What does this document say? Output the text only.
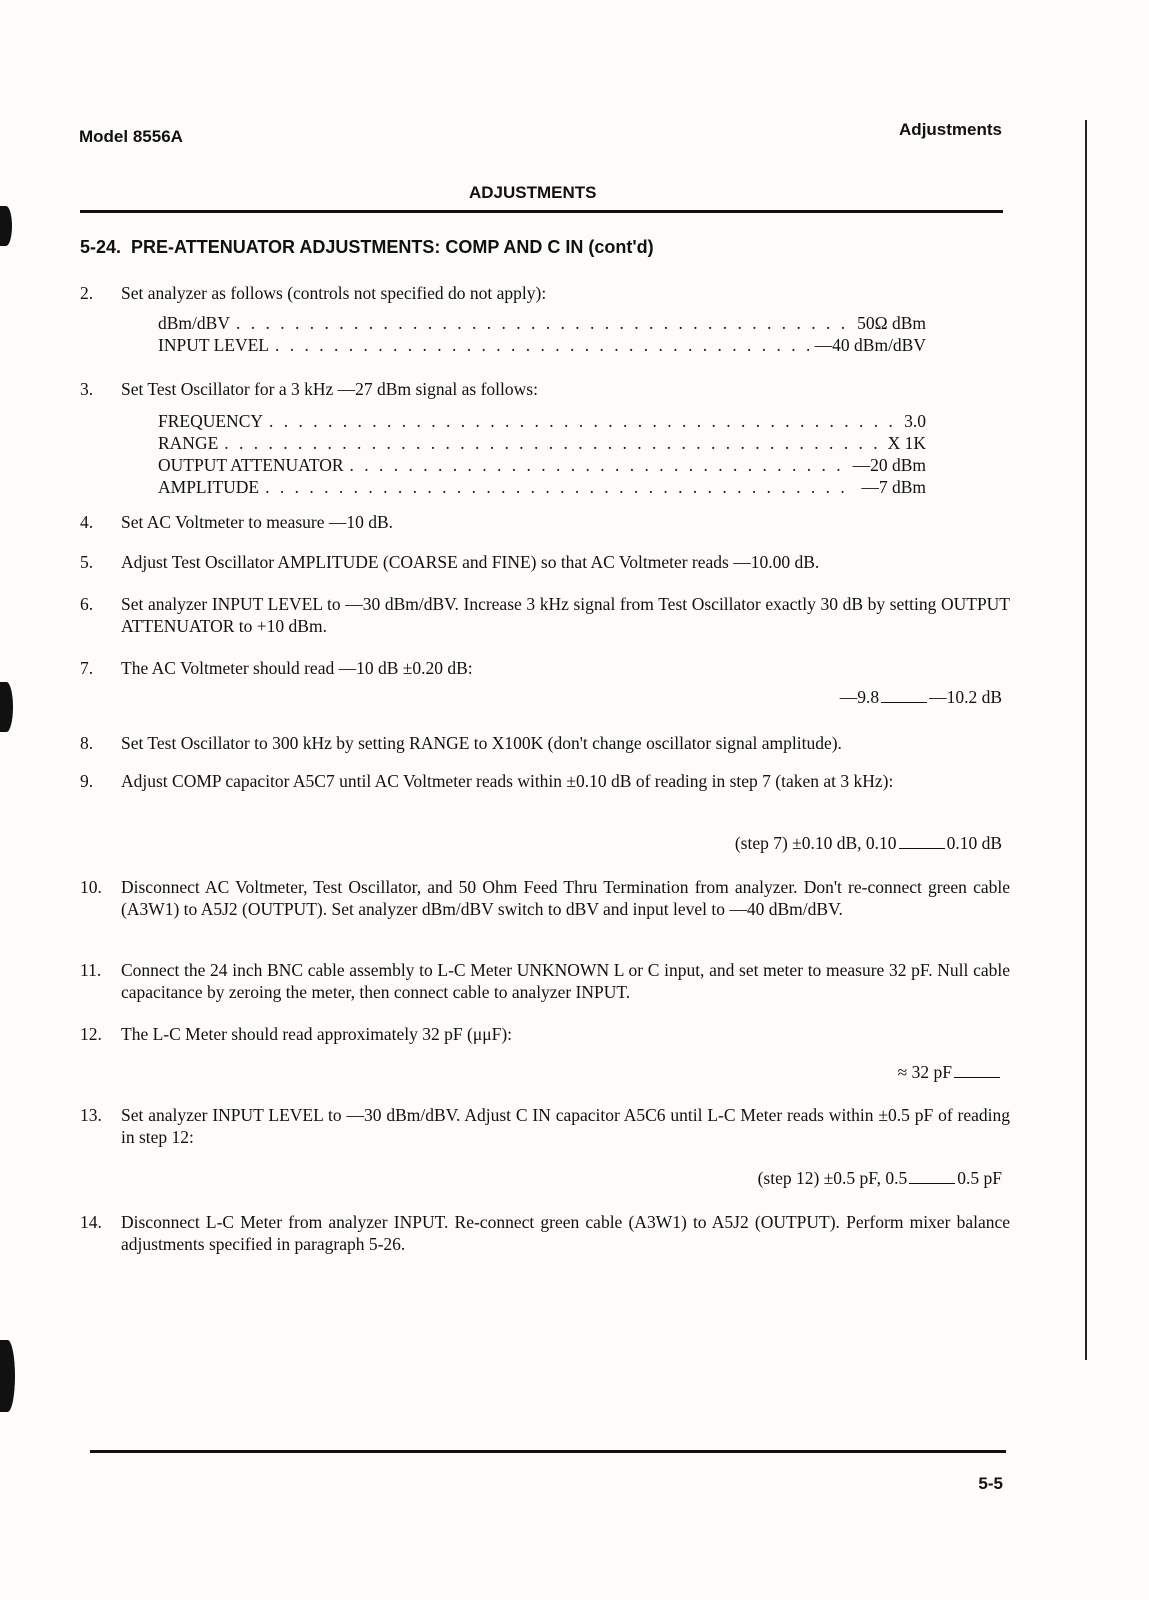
Model 8556A	Adjustments
ADJUSTMENTS
5-24.  PRE-ATTENUATOR ADJUSTMENTS: COMP AND C IN (cont'd)
2.	Set analyzer as follows (controls not specified do not apply):
dBm/dBV . . .	50Ω dBm
INPUT LEVEL . . .	—40 dBm/dBV
3.	Set Test Oscillator for a 3 kHz —27 dBm signal as follows:
FREQUENCY . . .	3.0
RANGE . . .	X 1K
OUTPUT ATTENUATOR . . .	—20 dBm
AMPLITUDE . . .	—7 dBm
4.	Set AC Voltmeter to measure —10 dB.
5.	Adjust Test Oscillator AMPLITUDE (COARSE and FINE) so that AC Voltmeter reads —10.00 dB.
6.	Set analyzer INPUT LEVEL to —30 dBm/dBV. Increase 3 kHz signal from Test Oscillator exactly 30 dB by setting OUTPUT ATTENUATOR to +10 dBm.
7.	The AC Voltmeter should read —10 dB ±0.20 dB:
—9.8	—10.2 dB
8.	Set Test Oscillator to 300 kHz by setting RANGE to X100K (don't change oscillator signal amplitude).
9.	Adjust COMP capacitor A5C7 until AC Voltmeter reads within ±0.10 dB of reading in step 7 (taken at 3 kHz):
(step 7) ±0.10 dB, 0.10	0.10 dB
10.	Disconnect AC Voltmeter, Test Oscillator, and 50 Ohm Feed Thru Termination from analyzer. Don't re-connect green cable (A3W1) to A5J2 (OUTPUT). Set analyzer dBm/dBV switch to dBV and input level to —40 dBm/dBV.
11.	Connect the 24 inch BNC cable assembly to L-C Meter UNKNOWN L or C input, and set meter to measure 32 pF. Null cable capacitance by zeroing the meter, then connect cable to analyzer INPUT.
12.	The L-C Meter should read approximately 32 pF (μμF):
≈ 32 pF
13.	Set analyzer INPUT LEVEL to —30 dBm/dBV. Adjust C IN capacitor A5C6 until L-C Meter reads within ±0.5 pF of reading in step 12:
(step 12) ±0.5 pF, 0.5	0.5 pF
14.	Disconnect L-C Meter from analyzer INPUT. Re-connect green cable (A3W1) to A5J2 (OUTPUT). Perform mixer balance adjustments specified in paragraph 5-26.
5-5
